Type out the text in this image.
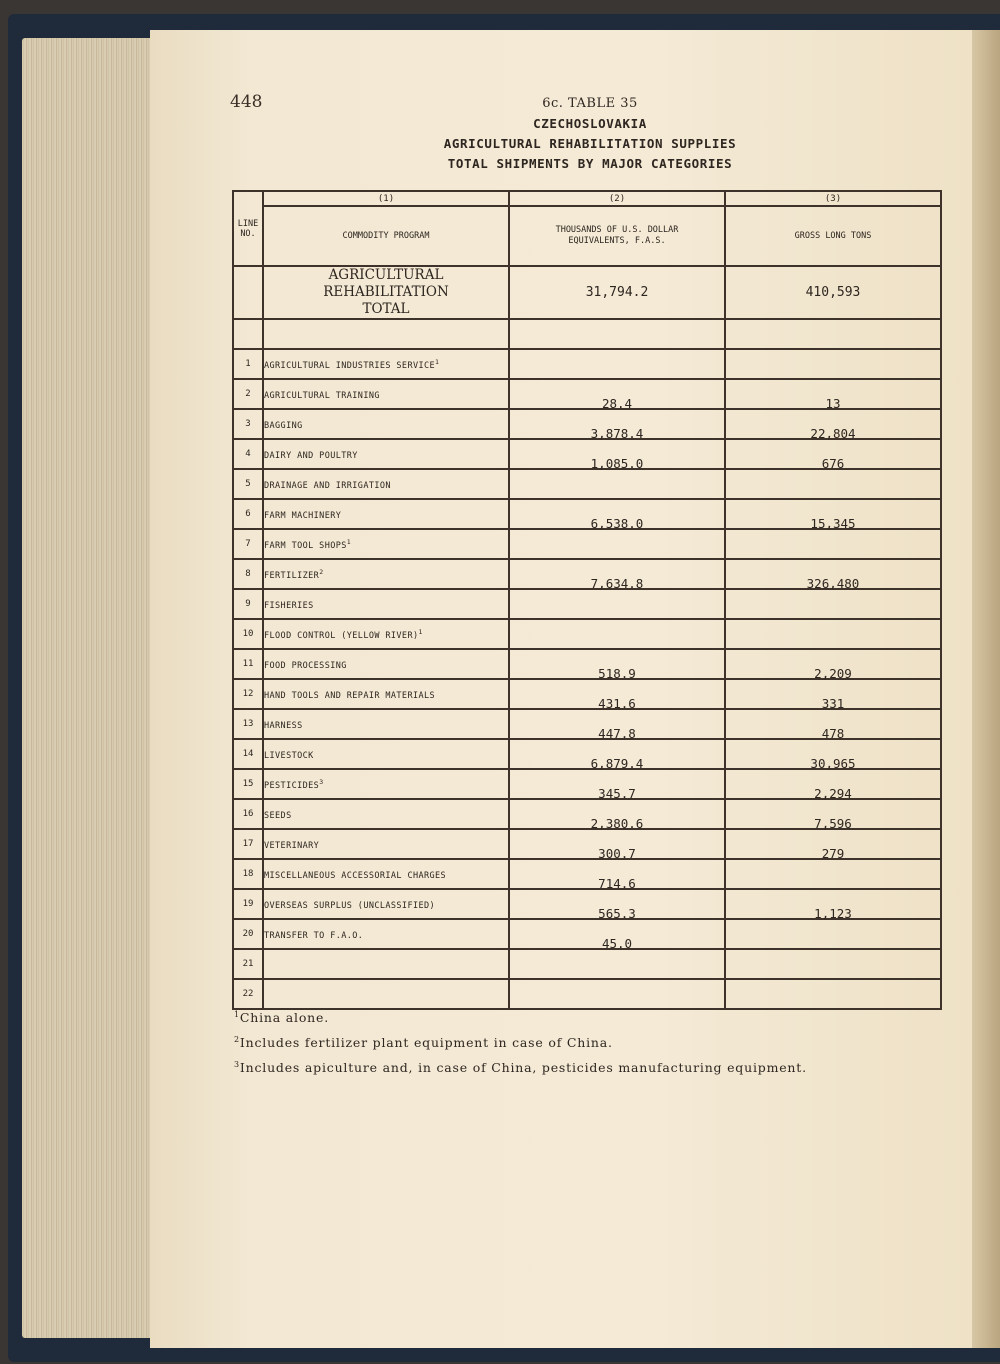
448	6c. TABLE 35
CZECHOSLOVAKIA
AGRICULTURAL REHABILITATION SUPPLIES
TOTAL SHIPMENTS BY MAJOR CATEGORIES
LINE NO.	(1)	(2)	(3)
	COMMODITY PROGRAM	THOUSANDS OF U.S. DOLLAR EQUIVALENTS, F.A.S.	GROSS LONG TONS

	AGRICULTURAL REHABILITATION
TOTAL	31,794.2	410,593

1	AGRICULTURAL INDUSTRIES SERVICE$^1$		
2	AGRICULTURAL TRAINING	28.4	13
3	BAGGING	3,878.4	22,804
4	DAIRY AND POULTRY	1,085.0	676
5	DRAINAGE AND IRRIGATION		
6	FARM MACHINERY	6,538.0	15,345
7	FARM TOOL SHOPS$^1$		
8	FERTILIZER$^2$	7,634.8	326,480
9	FISHERIES		
10	FLOOD CONTROL (YELLOW RIVER)$^1$		
11	FOOD PROCESSING	518.9	2,209
12	HAND TOOLS AND REPAIR MATERIALS	431.6	331
13	HARNESS	447.8	478
14	LIVESTOCK	6,879.4	30,965
15	PESTICIDES$^3$	345.7	2,294
16	SEEDS	2,380.6	7,596
17	VETERINARY	300.7	279
18	MISCELLANEOUS ACCESSORIAL CHARGES	714.6	
19	OVERSEAS SURPLUS (UNCLASSIFIED)	565.3	1,123
20	TRANSFER TO F.A.O.	45.0	
21			
22			
$^1$China alone.
$^2$Includes fertilizer plant equipment in case of China.
$^3$Includes apiculture and, in case of China, pesticides manufacturing equipment.
